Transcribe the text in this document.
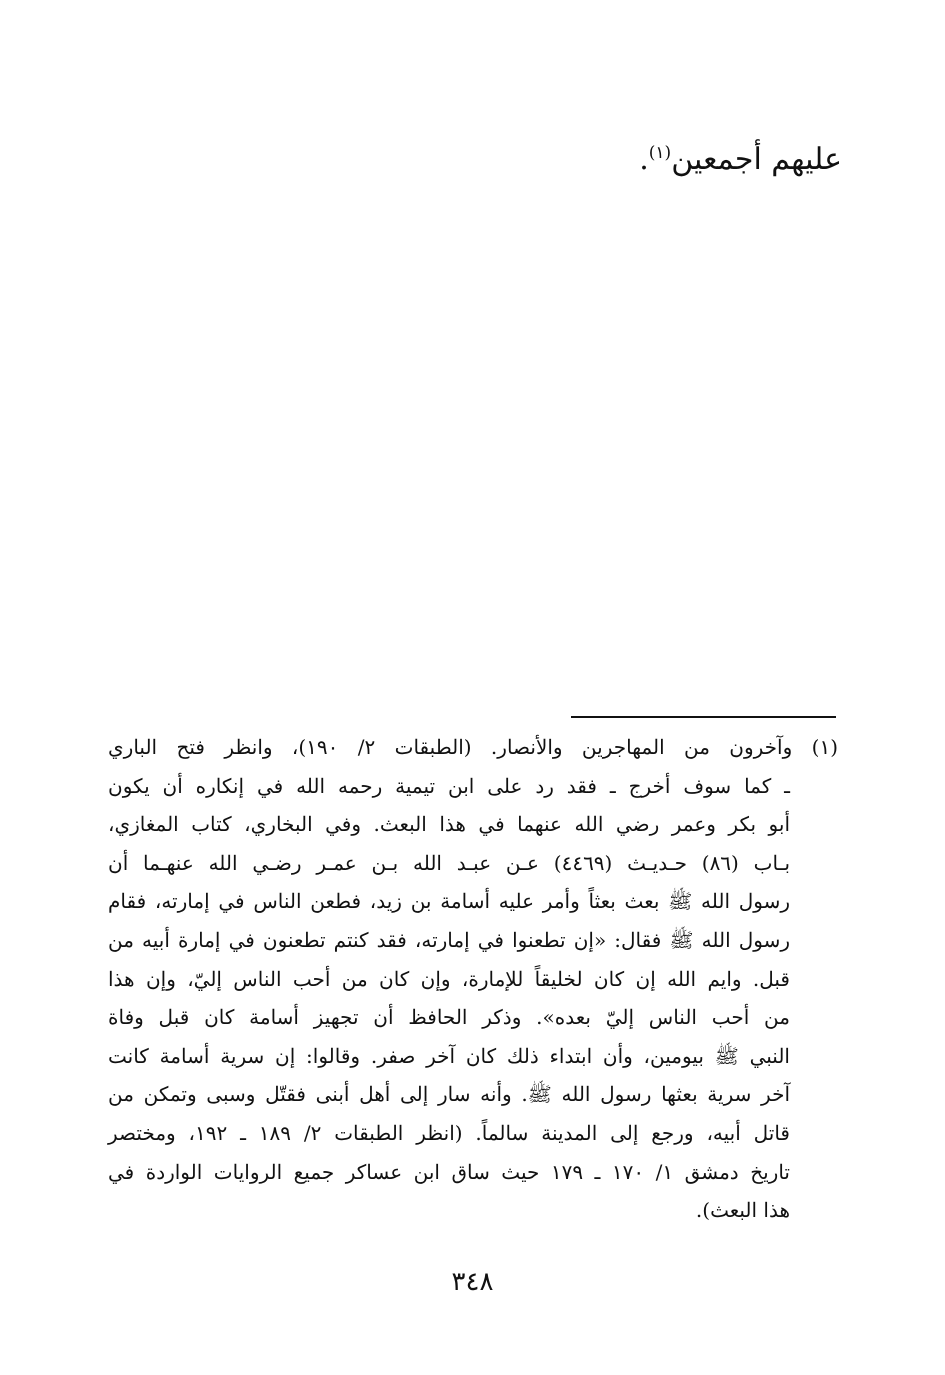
عليهم أجمعين$^{(١)}$.
(١) وآخرون من المهاجرين والأنصار. (الطبقات ٢/ ١٩٠)، وانظر فتح الباري
ـ كما سوف أخرج ـ فقد رد على ابن تيمية رحمه الله في إنكاره أن يكون
أبو بكر وعمر رضي الله عنهما في هذا البعث. وفي البخاري، كتاب المغازي،
بـاب (٨٦) حـديـث (٤٤٦٩) عـن عبـد الله بـن عمـر رضـي الله عنهـما أن
رسول الله ﷺ بعث بعثاً وأمر عليه أسامة بن زيد، فطعن الناس في إمارته، فقام
رسول الله ﷺ فقال: «إن تطعنوا في إمارته، فقد كنتم تطعنون في إمارة أبيه من
قبل. وايم الله إن كان لخليقاً للإمارة، وإن كان من أحب الناس إليّ، وإن هذا
من أحب الناس إليّ بعده». وذكر الحافظ أن تجهيز أسامة كان قبل وفاة
النبي ﷺ بيومين، وأن ابتداء ذلك كان آخر صفر. وقالوا: إن سرية أسامة كانت
آخر سرية بعثها رسول الله ﷺ. وأنه سار إلى أهل أبنى فقتّل وسبى وتمكن من
قاتل أبيه، ورجع إلى المدينة سالماً. (انظر الطبقات ٢/ ١٨٩ ـ ١٩٢، ومختصر
تاريخ دمشق ١/ ١٧٠ ـ ١٧٩ حيث ساق ابن عساكر جميع الروايات الواردة في
هذا البعث).
٣٤٨
